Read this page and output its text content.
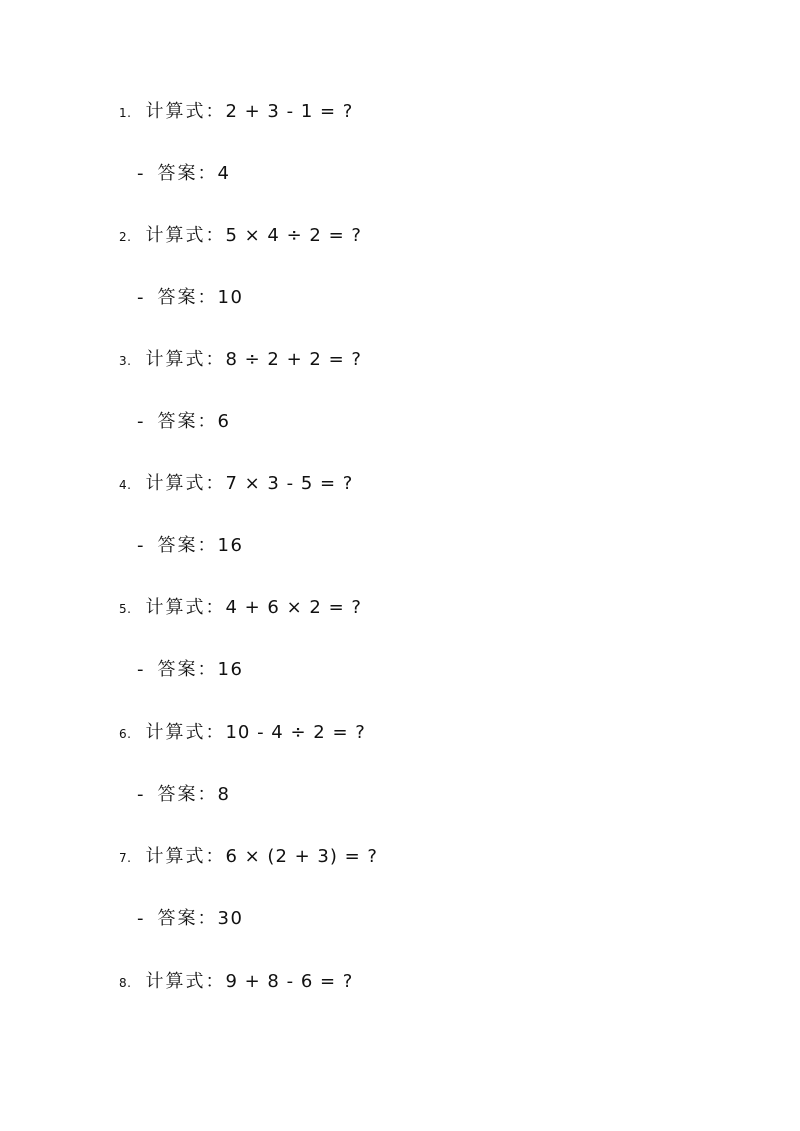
1. 计算式： 2 + 3 - 1 = ?
- 答案： 4
2. 计算式： 5 × 4 ÷ 2 = ?
- 答案： 10
3. 计算式： 8 ÷ 2 + 2 = ?
- 答案： 6
4. 计算式： 7 × 3 - 5 = ?
- 答案： 16
5. 计算式： 4 + 6 × 2 = ?
- 答案： 16
6. 计算式： 10 - 4 ÷ 2 = ?
- 答案： 8
7. 计算式： 6 × (2 + 3) = ?
- 答案： 30
8. 计算式： 9 + 8 - 6 = ?
